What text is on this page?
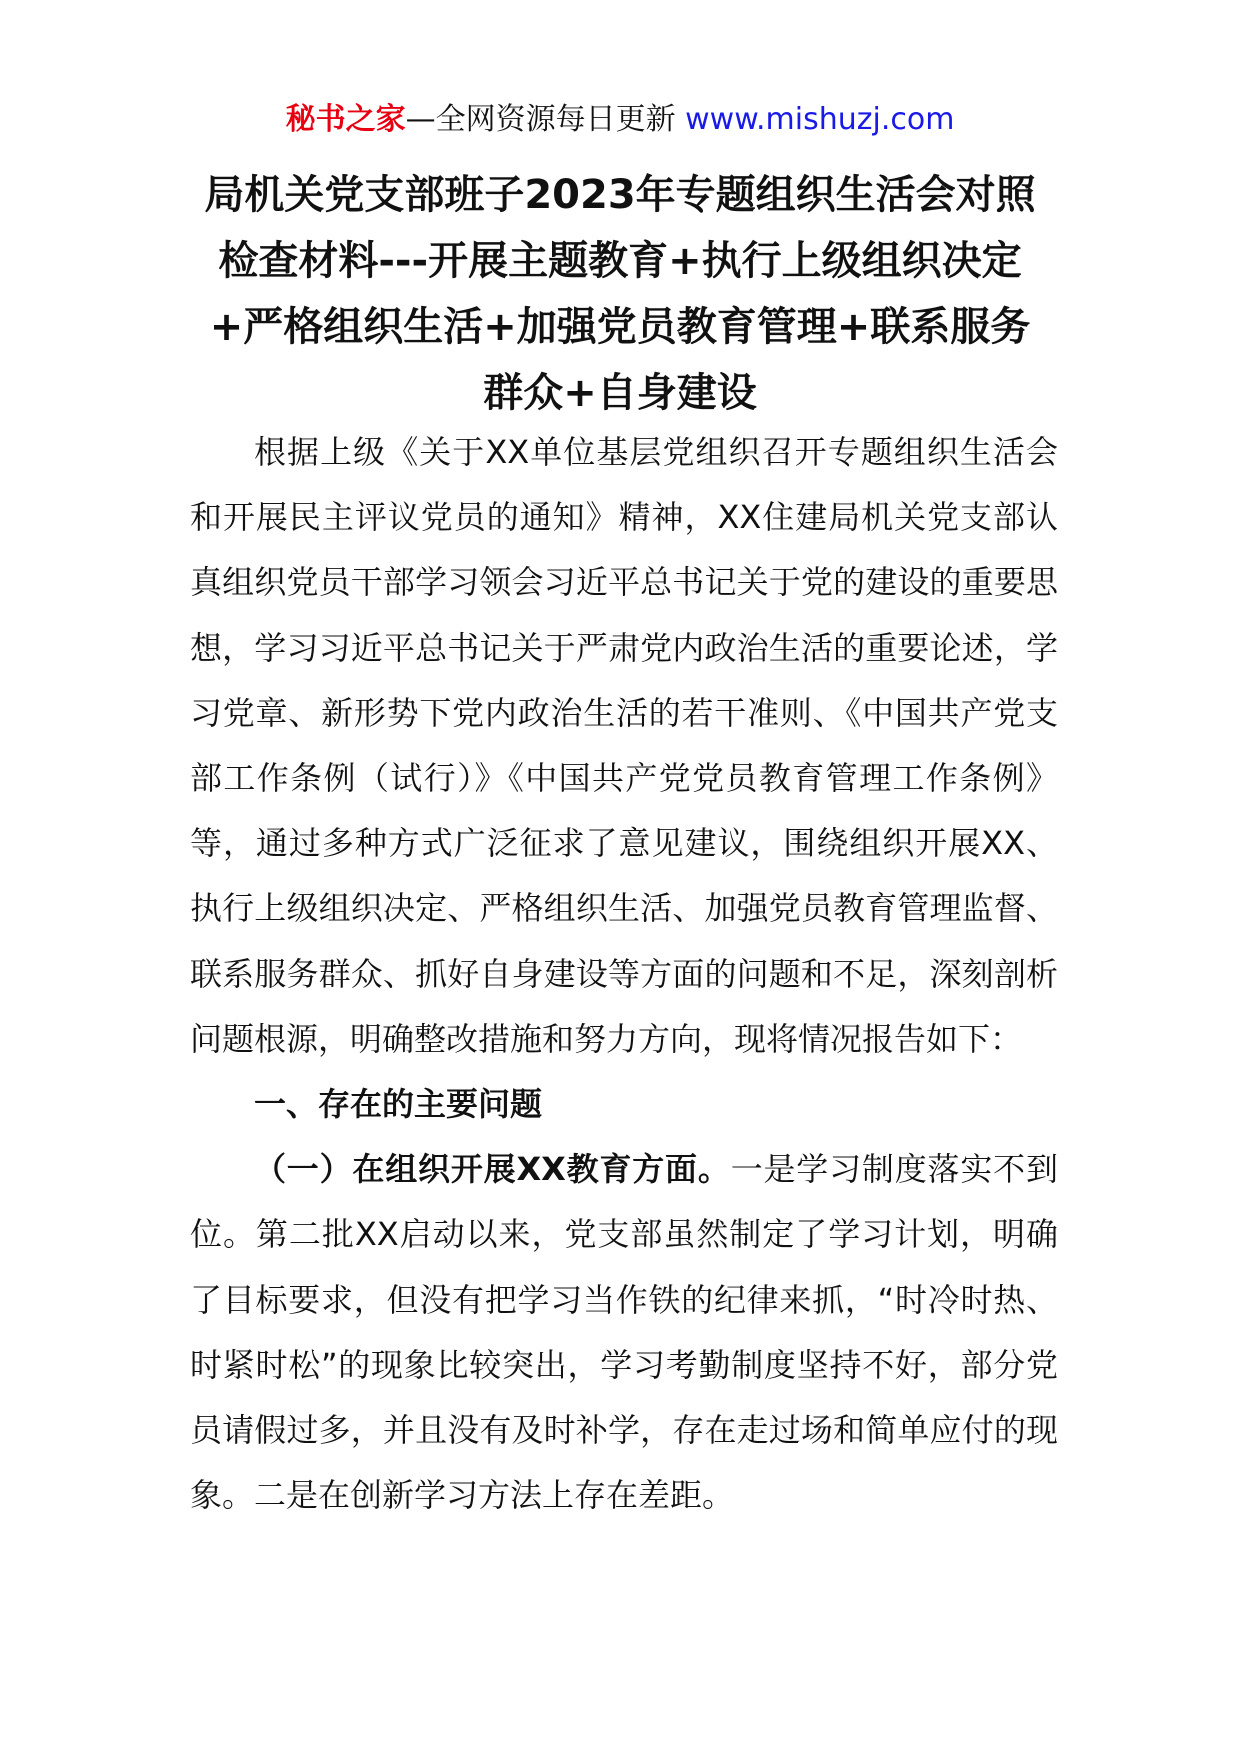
秘书之家—全网资源每日更新 www.mishuzj.com
局机关党支部班子2023年专题组织生活会对照检查材料---开展主题教育+执行上级组织决定+严格组织生活+加强党员教育管理+联系服务群众+自身建设

根据上级《关于XX单位基层党组织召开专题组织生活会和开展民主评议党员的通知》精神，XX住建局机关党支部认真组织党员干部学习领会习近平总书记关于党的建设的重要思想，学习习近平总书记关于严肃党内政治生活的重要论述，学习党章、新形势下党内政治生活的若干准则、《中国共产党支部工作条例（试行）》《中国共产党党员教育管理工作条例》等，通过多种方式广泛征求了意见建议，围绕组织开展XX、执行上级组织决定、严格组织生活、加强党员教育管理监督、联系服务群众、抓好自身建设等方面的问题和不足，深刻剖析问题根源，明确整改措施和努力方向，现将情况报告如下：

一、存在的主要问题

（一）在组织开展XX教育方面。一是学习制度落实不到位。第二批XX启动以来，党支部虽然制定了学习计划，明确了目标要求，但没有把学习当作铁的纪律来抓，“时冷时热、时紧时松”的现象比较突出，学习考勤制度坚持不好，部分党员请假过多，并且没有及时补学，存在走过场和简单应付的现象。二是在创新学习方法上存在差距。
